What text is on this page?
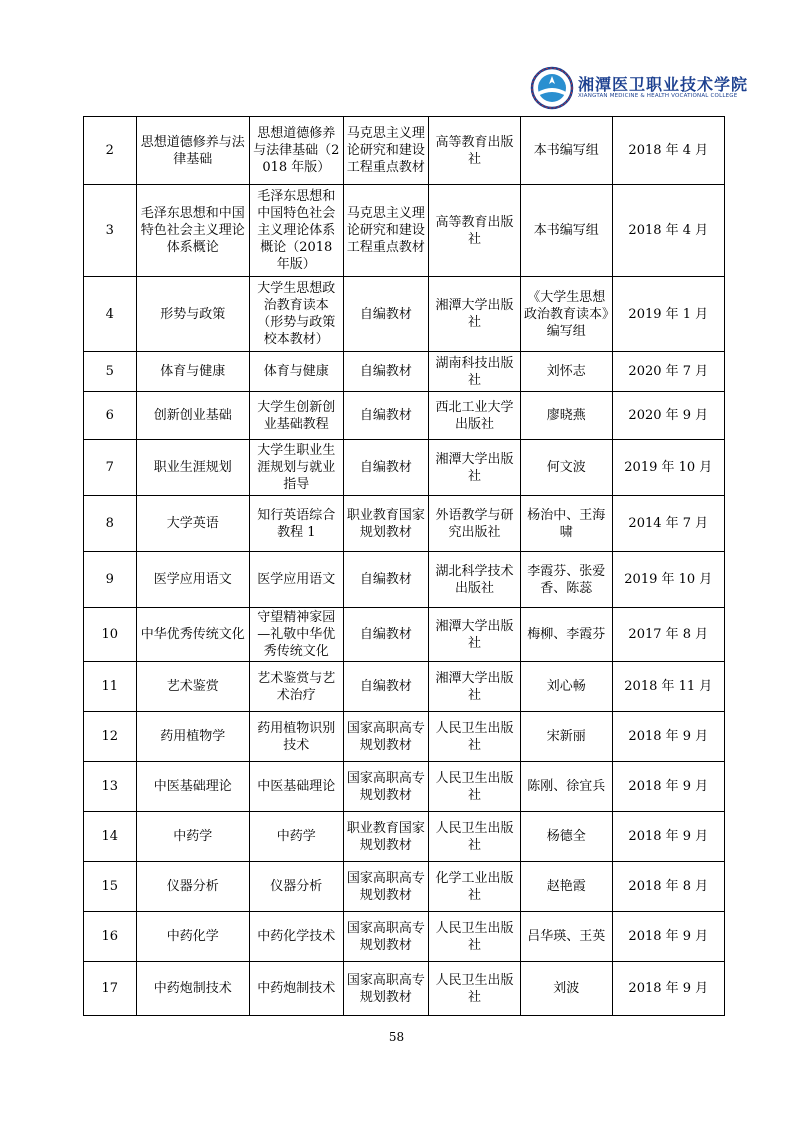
湘潭医卫职业技术学院
XIANGTAN MEDICINE & HEALTH VOCATIONAL COLLEGE
2	思想道德修养与法律基础	思想道德修养与法律基础（2018 年版）	马克思主义理论研究和建设工程重点教材	高等教育出版社	本书编写组	2018 年 4 月
3	毛泽东思想和中国特色社会主义理论体系概论	毛泽东思想和中国特色社会主义理论体系概论（2018 年版）	马克思主义理论研究和建设工程重点教材	高等教育出版社	本书编写组	2018 年 4 月
4	形势与政策	大学生思想政治教育读本（形势与政策校本教材）	自编教材	湘潭大学出版社	《大学生思想政治教育读本》编写组	2019 年 1 月
5	体育与健康	体育与健康	自编教材	湖南科技出版社	刘怀志	2020 年 7 月
6	创新创业基础	大学生创新创业基础教程	自编教材	西北工业大学出版社	廖晓燕	2020 年 9 月
7	职业生涯规划	大学生职业生涯规划与就业指导	自编教材	湘潭大学出版社	何文波	2019 年 10 月
8	大学英语	知行英语综合教程 1	职业教育国家规划教材	外语教学与研究出版社	杨治中、王海啸	2014 年 7 月
9	医学应用语文	医学应用语文	自编教材	湖北科学技术出版社	李霞芬、张爱香、陈蕊	2019 年 10 月
10	中华优秀传统文化	守望精神家园—礼敬中华优秀传统文化	自编教材	湘潭大学出版社	梅柳、李霞芬	2017 年 8 月
11	艺术鉴赏	艺术鉴赏与艺术治疗	自编教材	湘潭大学出版社	刘心畅	2018 年 11 月
12	药用植物学	药用植物识别技术	国家高职高专规划教材	人民卫生出版社	宋新丽	2018 年 9 月
13	中医基础理论	中医基础理论	国家高职高专规划教材	人民卫生出版社	陈刚、徐宜兵	2018 年 9 月
14	中药学	中药学	职业教育国家规划教材	人民卫生出版社	杨德全	2018 年 9 月
15	仪器分析	仪器分析	国家高职高专规划教材	化学工业出版社	赵艳霞	2018 年 8 月
16	中药化学	中药化学技术	国家高职高专规划教材	人民卫生出版社	吕华瑛、王英	2018 年 9 月
17	中药炮制技术	中药炮制技术	国家高职高专规划教材	人民卫生出版社	刘波	2018 年 9 月
58
